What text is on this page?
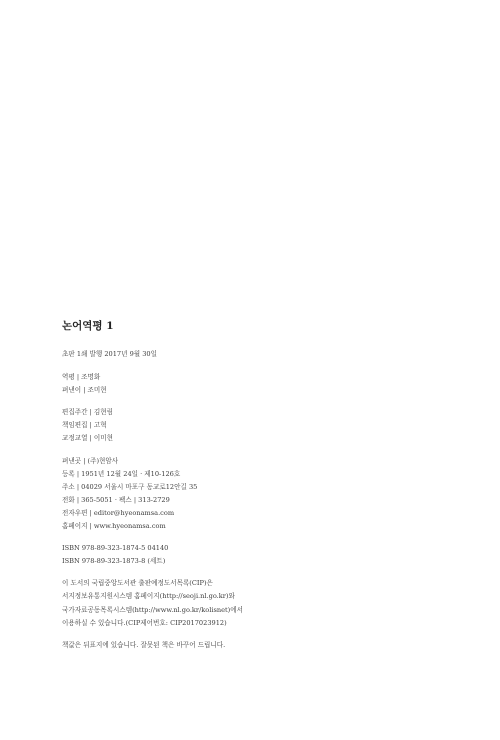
논어역평 1
초판 1쇄 발행 2017년 9월 30일
역평 | 조명화
펴낸이 | 조미현
편집주간 | 김현림
책임편집 | 고혁
교정교열 | 이미현
펴낸곳 | (주)현암사
등록 | 1951년 12월 24일 · 제10-126호
주소 | 04029 서울시 마포구 동교로12안길 35
전화 | 365-5051 · 팩스 | 313-2729
전자우편 | editor@hyeonamsa.com
홈페이지 | www.hyeonamsa.com
ISBN 978-89-323-1874-5 04140
ISBN 978-89-323-1873-8 (세트)
이 도서의 국립중앙도서관 출판예정도서목록(CIP)은
서지정보유통지원시스템 홈페이지(http://seoji.nl.go.kr)와
국가자료공동목록시스템(http://www.nl.go.kr/kolisnet)에서
이용하실 수 있습니다.(CIP제어번호: CIP2017023912)
책값은 뒤표지에 있습니다. 잘못된 책은 바꾸어 드립니다.
